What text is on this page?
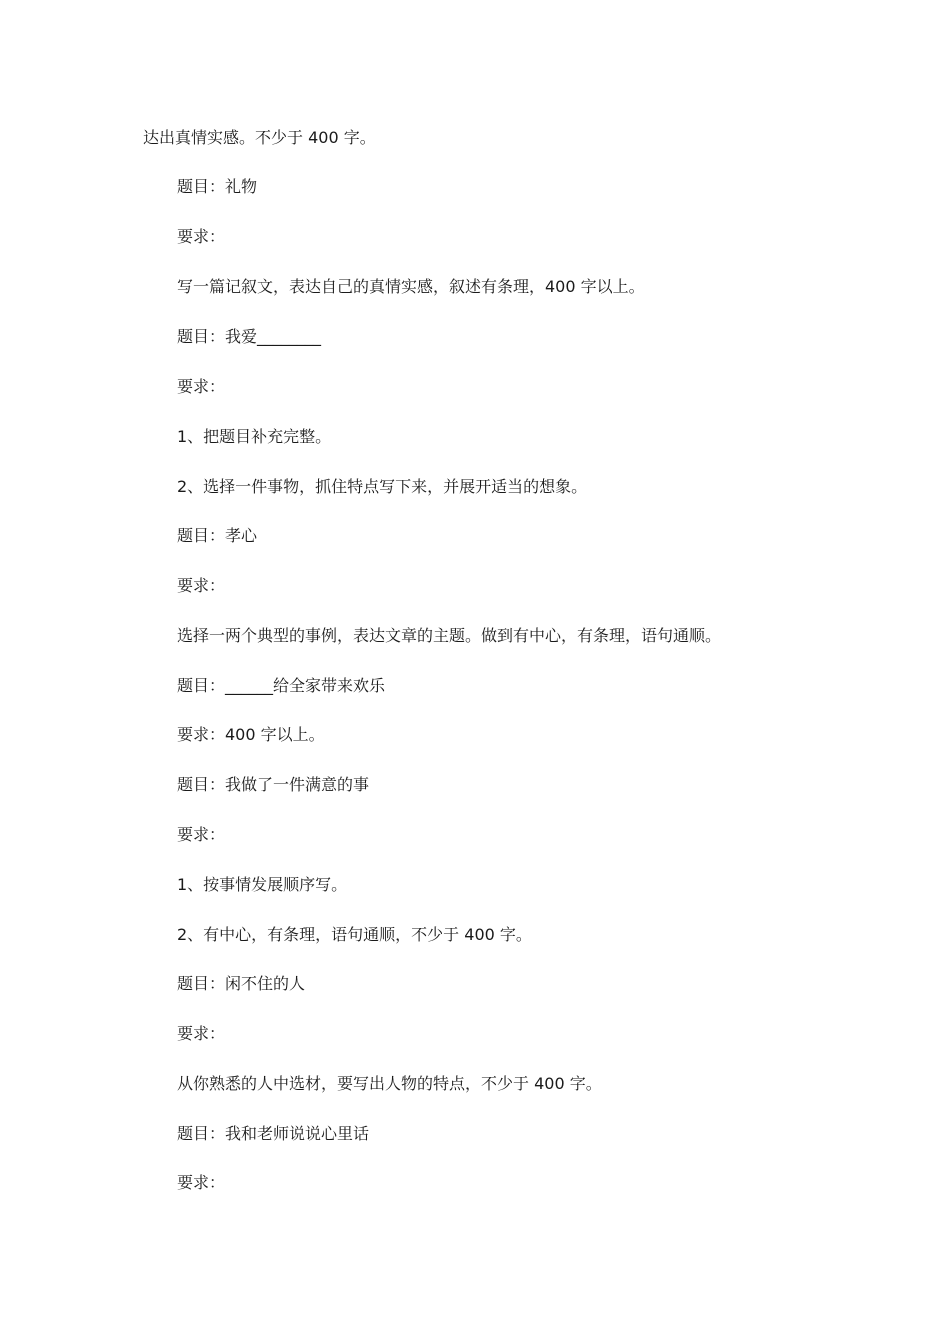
达出真情实感。不少于 400 字。
题目：礼物
要求：
写一篇记叙文，表达自己的真情实感，叙述有条理，400 字以上。
题目：我爱________
要求：
1、把题目补充完整。
2、选择一件事物，抓住特点写下来，并展开适当的想象。
题目：孝心
要求：
选择一两个典型的事例，表达文章的主题。做到有中心，有条理，语句通顺。
题目：______给全家带来欢乐
要求：400 字以上。
题目：我做了一件满意的事
要求：
1、按事情发展顺序写。
2、有中心，有条理，语句通顺，不少于 400 字。
题目：闲不住的人
要求：
从你熟悉的人中选材，要写出人物的特点，不少于 400 字。
题目：我和老师说说心里话
要求：
